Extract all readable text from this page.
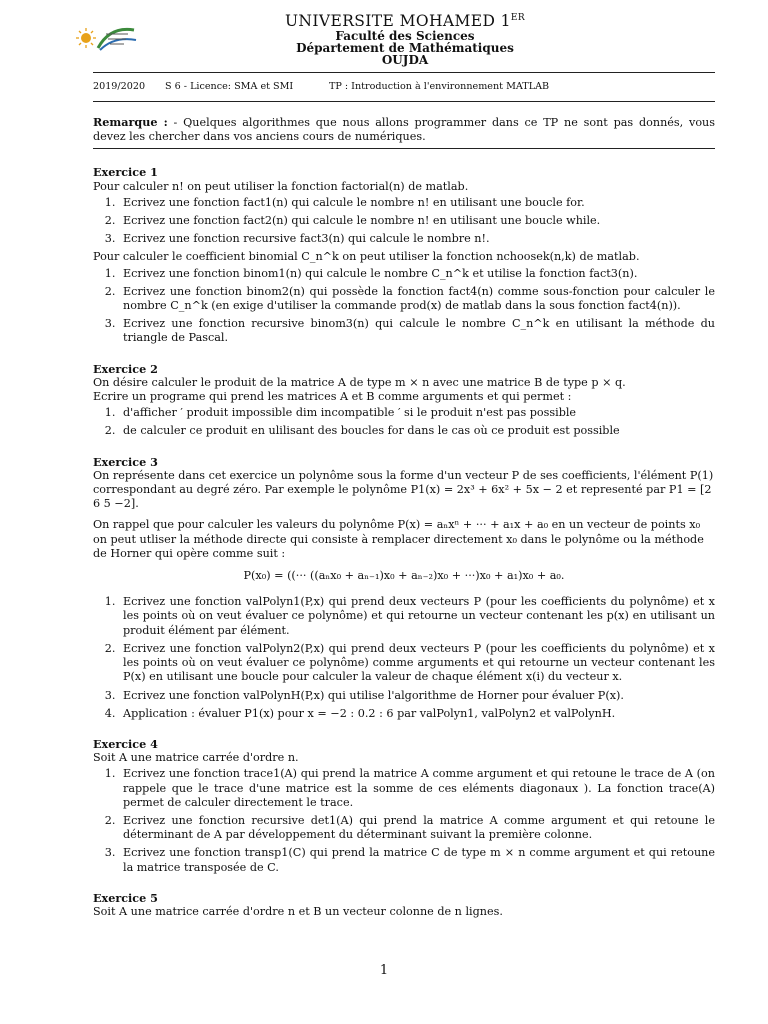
UNIVERSITE MOHAMED 1ER
Faculté des Sciences
Département de Mathématiques
OUJDA
2019/2020 S 6 - Licence: SMA et SMI	TP : Introduction à l'environnement MATLAB

Remarque : - Quelques algorithmes que nous allons programmer dans ce TP ne sont pas donnés, vous devez les chercher dans vos anciens cours de numériques.

Exercice 1

Pour calculer n! on peut utiliser la fonction factorial(n) de matlab.

1. Ecrivez une fonction fact1(n) qui calcule le nombre n! en utilisant une boucle for.
2. Ecrivez une fonction fact2(n) qui calcule le nombre n! en utilisant une boucle while.
3. Ecrivez une fonction recursive fact3(n) qui calcule le nombre n!.

Pour calculer le coefficient binomial C_n^k on peut utiliser la fonction nchoosek(n,k) de matlab.

1. Ecrivez une fonction binom1(n) qui calcule le nombre C_n^k et utilise la fonction fact3(n).
2. Ecrivez une fonction binom2(n) qui possède la fonction fact4(n) comme sous-fonction pour calculer le nombre C_n^k (en exige d'utiliser la commande prod(x) de matlab dans la sous fonction fact4(n)).
3. Ecrivez une fonction recursive binom3(n) qui calcule le nombre C_n^k en utilisant la méthode du triangle de Pascal.

Exercice 2

On désire calculer le produit de la matrice A de type m × n avec une matrice B de type p × q.

Ecrire un programe qui prend les matrices A et B comme arguments et qui permet :

1. d'afficher ′ produit impossible dim incompatible ′ si le produit n'est pas possible
2. de calculer ce produit en ulilisant des boucles for dans le cas où ce produit est possible

Exercice 3

On représente dans cet exercice un polynôme sous la forme d'un vecteur P de ses coefficients, l'élément P(1) correspondant au degré zéro. Par exemple le polynôme P1(x) = 2x³ + 6x² + 5x − 2 et representé par P1 = [2 6 5 −2].

On rappel que pour calculer les valeurs du polynôme P(x) = aₙxⁿ + ··· + a₁x + a₀ en un vecteur de points x₀ on peut utliser la méthode directe qui consiste à remplacer directement x₀ dans le polynôme ou la méthode de Horner qui opère comme suit :

P(x₀) = ((··· ((aₙx₀ + aₙ₋₁)x₀ + aₙ₋₂)x₀ + ···)x₀ + a₁)x₀ + a₀.

1. Ecrivez une fonction valPolyn1(P,x) qui prend deux vecteurs P (pour les coefficients du polynôme) et x les points où on veut évaluer ce polynôme) et qui retourne un vecteur contenant les p(x) en utilisant un produit élément par élément.
2. Ecrivez une fonction valPolyn2(P,x) qui prend deux vecteurs P (pour les coefficients du polynôme) et x les points où on veut évaluer ce polynôme) comme arguments et qui retourne un vecteur contenant les P(x) en utilisant une boucle pour calculer la valeur de chaque élément x(i) du vecteur x.
3. Ecrivez une fonction valPolynH(P,x) qui utilise l'algorithme de Horner pour évaluer P(x).
4. Application : évaluer P1(x) pour x = −2 : 0.2 : 6 par valPolyn1, valPolyn2 et valPolynH.

Exercice 4

Soit A une matrice carrée d'ordre n.

1. Ecrivez une fonction trace1(A) qui prend la matrice A comme argument et qui retoune le trace de A (on rappele que le trace d'une matrice est la somme de ces eléments diagonaux ). La fonction trace(A) permet de calculer directement le trace.
2. Ecrivez une fonction recursive det1(A) qui prend la matrice A comme argument et qui retoune le déterminant de A par développement du déterminant suivant la première colonne.
3. Ecrivez une fonction transp1(C) qui prend la matrice C de type m × n comme argument et qui retoune la matrice transposée de C.

Exercice 5

Soit A une matrice carrée d'ordre n et B un vecteur colonne de n lignes.

1
